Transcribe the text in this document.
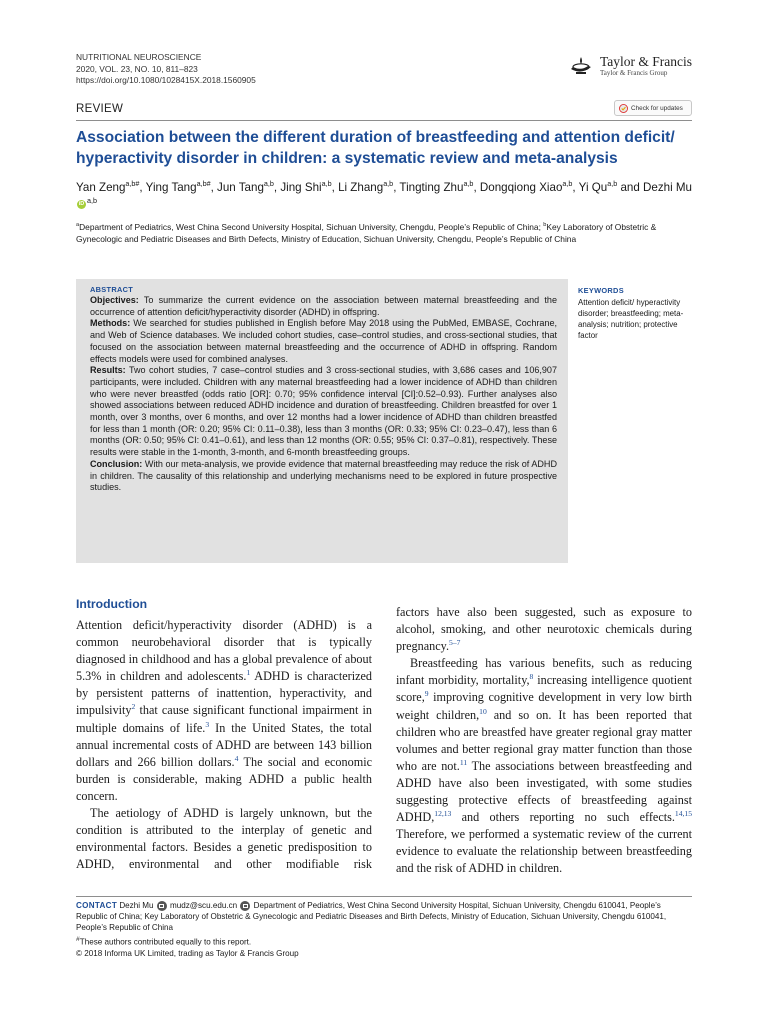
NUTRITIONAL NEUROSCIENCE
2020, VOL. 23, NO. 10, 811–823
https://doi.org/10.1080/1028415X.2018.1560905
Taylor & Francis
Taylor & Francis Group
REVIEW	Check for updates
Association between the different duration of breastfeeding and attention deficit/ hyperactivity disorder in children: a systematic review and meta-analysis
Yan Zeng$^{a,b\#}$, Ying Tang$^{a,b\#}$, Jun Tang$^{a,b}$, Jing Shi$^{a,b}$, Li Zhang$^{a,b}$, Tingting Zhu$^{a,b}$, Dongqiong Xiao$^{a,b}$, Yi Qu$^{a,b}$ and Dezhi Mu iD $^{a,b}$
$^a$Department of Pediatrics, West China Second University Hospital, Sichuan University, Chengdu, People’s Republic of China; $^b$Key Laboratory of Obstetric & Gynecologic and Pediatric Diseases and Birth Defects, Ministry of Education, Sichuan University, Chengdu, People’s Republic of China
ABSTRACT

Objectives: To summarize the current evidence on the association between maternal breastfeeding and the occurrence of attention deficit/hyperactivity disorder (ADHD) in offspring.

Methods: We searched for studies published in English before May 2018 using the PubMed, EMBASE, Cochrane, and Web of Science databases. We included cohort studies, case–control studies, and cross-sectional studies, that focused on the association between maternal breastfeeding and the occurrence of ADHD in offspring. Random effects models were used for combined analyses.

Results: Two cohort studies, 7 case–control studies and 3 cross-sectional studies, with 3,686 cases and 106,907 participants, were included. Children with any maternal breastfeeding had a lower incidence of ADHD than children who were never breastfed (odds ratio [OR]: 0.70; 95% confidence interval [CI]:0.52–0.93). Further analyses also showed associations between reduced ADHD incidence and duration of breastfeeding. Children breastfed for over 1 month, over 3 months, over 6 months, and over 12 months had a lower incidence of ADHD than children breastfed for less than 1 month (OR: 0.20; 95% CI: 0.11–0.38), less than 3 months (OR: 0.33; 95% CI: 0.23–0.47), less than 6 months (OR: 0.50; 95% CI: 0.41–0.61), and less than 12 months (OR: 0.55; 95% CI: 0.37–0.81), respectively. These results were stable in the 1-month, 3-month, and 6-month breastfeeding groups.

Conclusion: With our meta-analysis, we provide evidence that maternal breastfeeding may reduce the risk of ADHD in children. The causality of this relationship and underlying mechanisms need to be explored in future prospective studies.

KEYWORDS
Attention deficit/ hyperactivity disorder; breastfeeding; meta-analysis; nutrition; protective factor
Introduction

Attention deficit/hyperactivity disorder (ADHD) is a common neurobehavioral disorder that is typically diagnosed in childhood and has a global prevalence of about 5.3% in children and adolescents.$^1$ ADHD is characterized by persistent patterns of inattention, hyperactivity, and impulsivity$^2$ that cause significant functional impairment in multiple domains of life.$^3$ In the United States, the total annual incremental costs of ADHD are between 143 billion dollars and 266 billion dollars.$^4$ The social and economic burden is considerable, making ADHD a public health concern.

The aetiology of ADHD is largely unknown, but the condition is attributed to the interplay of genetic and environmental factors. Besides a genetic predisposition to ADHD, environmental and other modifiable risk

factors have also been suggested, such as exposure to alcohol, smoking, and other neurotoxic chemicals during pregnancy.$^{5-7}$

Breastfeeding has various benefits, such as reducing infant morbidity, mortality,$^8$ increasing intelligence quotient score,$^9$ improving cognitive development in very low birth weight children,$^{10}$ and so on. It has been reported that children who are breastfed have greater regional gray matter volumes and better regional gray matter function than those who are not.$^{11}$ The associations between breastfeeding and ADHD have also been investigated, with some studies suggesting protective effects of breastfeeding against ADHD,$^{12,13}$ and others reporting no such effects.$^{14,15}$ Therefore, we performed a systematic review of the current evidence to evaluate the relationship between breastfeeding and the risk of ADHD in children.

CONTACT Dezhi Mu mudz@scu.edu.cn Department of Pediatrics, West China Second University Hospital, Sichuan University, Chengdu 610041, People’s Republic of China; Key Laboratory of Obstetric & Gynecologic and Pediatric Diseases and Birth Defects, Ministry of Education, Sichuan University, Chengdu 610041, People’s Republic of China
#These authors contributed equally to this report.
© 2018 Informa UK Limited, trading as Taylor & Francis Group
